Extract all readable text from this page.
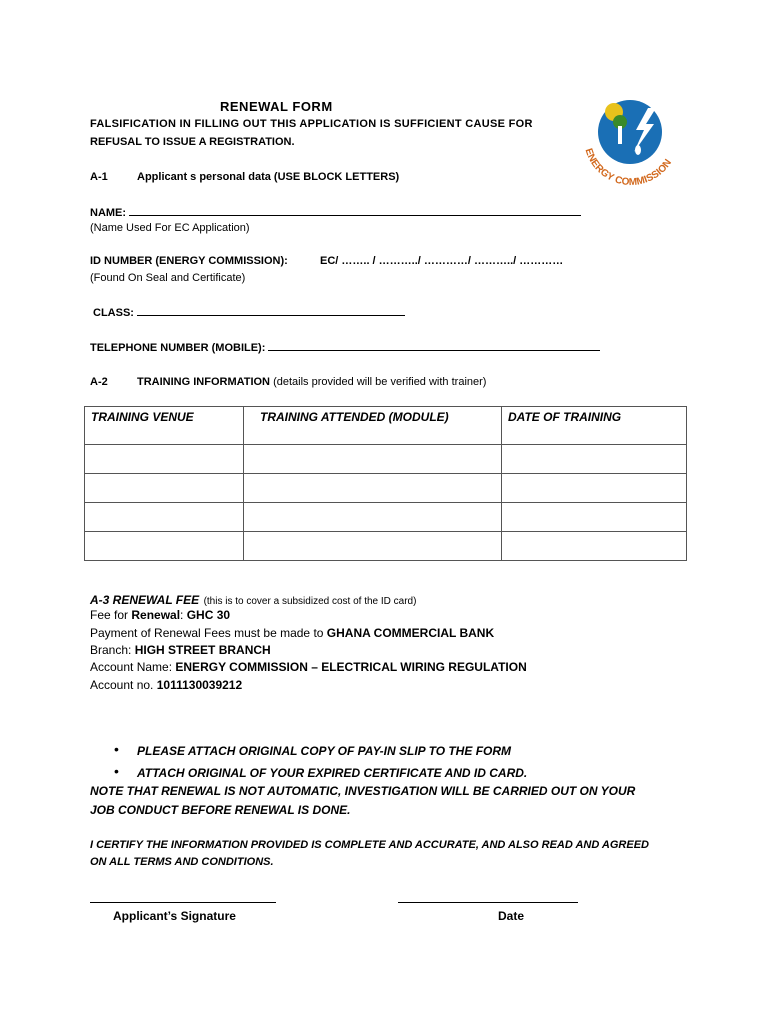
RENEWAL FORM
FALSIFICATION IN FILLING OUT THIS APPLICATION IS SUFFICIENT CAUSE FOR
REFUSAL TO ISSUE A REGISTRATION.
ENERGY COMMISSION
A-1	Applicant s personal data (USE BLOCK LETTERS)
NAME:
(Name Used For EC Application)
ID NUMBER (ENERGY COMMISSION):	EC/ …….. / ………../ …………/ ………../ …………
(Found On Seal and Certificate)
CLASS:
TELEPHONE NUMBER (MOBILE):
A-2	TRAINING INFORMATION (details provided will be verified with trainer)
TRAINING VENUE	TRAINING ATTENDED (MODULE)	DATE OF TRAINING

A-3 RENEWAL FEE (this is to cover a subsidized cost of the ID card)
Fee for Renewal: GHC 30
Payment of Renewal Fees must be made to GHANA COMMERCIAL BANK
Branch: HIGH STREET BRANCH
Account Name: ENERGY COMMISSION – ELECTRICAL WIRING REGULATION
Account no. 1011130039212
• PLEASE ATTACH ORIGINAL COPY OF PAY-IN SLIP TO THE FORM
• ATTACH ORIGINAL OF YOUR EXPIRED CERTIFICATE AND ID CARD.
NOTE THAT RENEWAL IS NOT AUTOMATIC, INVESTIGATION WILL BE CARRIED OUT ON YOUR
JOB CONDUCT BEFORE RENEWAL IS DONE.
I CERTIFY THE INFORMATION PROVIDED IS COMPLETE AND ACCURATE, AND ALSO READ AND AGREED
ON ALL TERMS AND CONDITIONS.
Applicant’s Signature	Date
